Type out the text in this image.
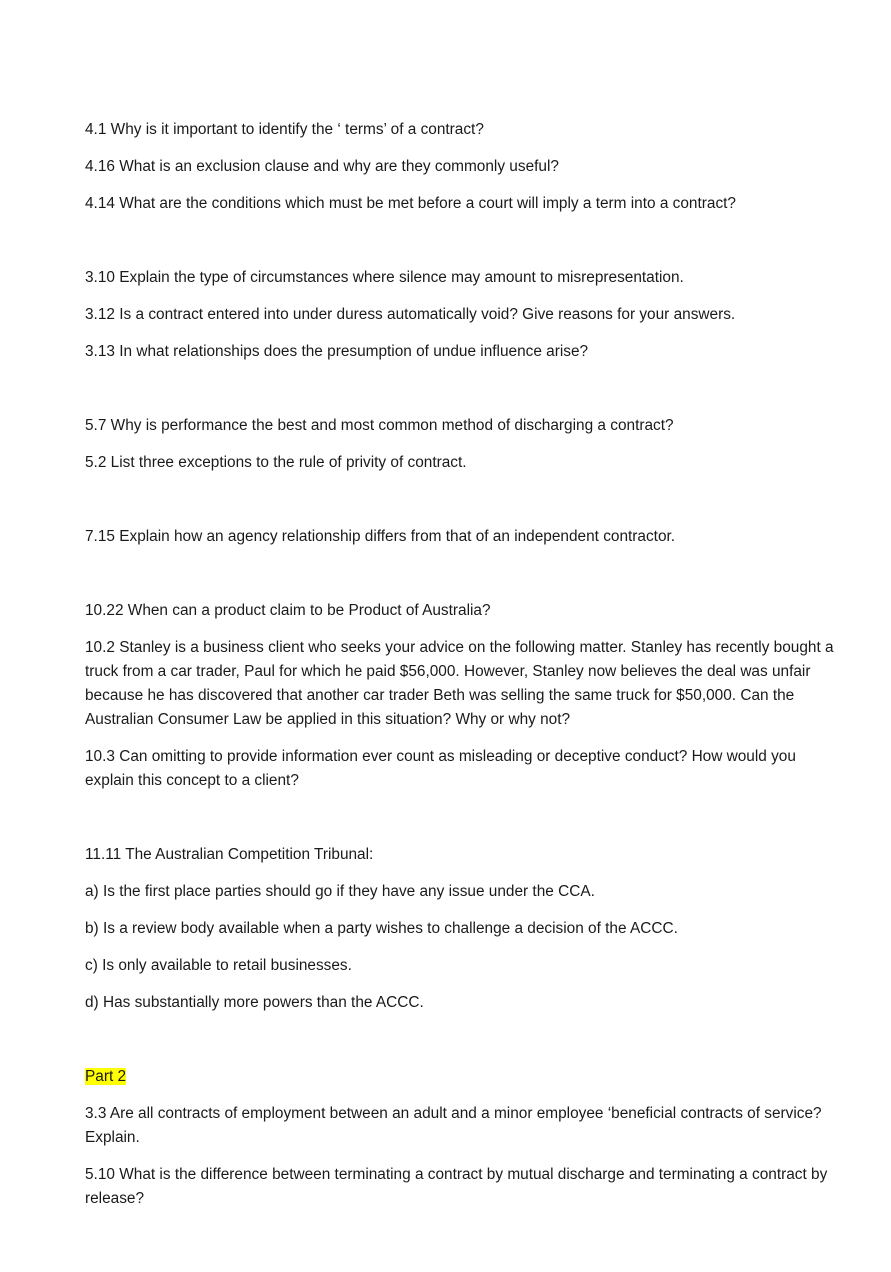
4.1 Why is it important to identify the ‘ terms’ of a contract?

4.16 What is an exclusion clause and why are they commonly useful?

4.14 What are the conditions which must be met before a court will imply a term into a contract?

3.10 Explain the type of circumstances where silence may amount to misrepresentation.

3.12 Is a contract entered into under duress automatically void? Give reasons for your answers.

3.13 In what relationships does the presumption of undue influence arise?

5.7 Why is performance the best and most common method of discharging a contract?

5.2 List three exceptions to the rule of privity of contract.

7.15 Explain how an agency relationship differs from that of an independent contractor.

10.22 When can a product claim to be Product of Australia?

10.2 Stanley is a business client who seeks your advice on the following matter. Stanley has recently bought a truck from a car trader, Paul for which he paid $56,000. However, Stanley now believes the deal was unfair because he has discovered that another car trader Beth was selling the same truck for $50,000. Can the Australian Consumer Law be applied in this situation? Why or why not?

10.3 Can omitting to provide information ever count as misleading or deceptive conduct? How would you explain this concept to a client?

11.11 The Australian Competition Tribunal:

a) Is the first place parties should go if they have any issue under the CCA.

b) Is a review body available when a party wishes to challenge a decision of the ACCC.

c) Is only available to retail businesses.

d) Has substantially more powers than the ACCC.

Part 2

3.3 Are all contracts of employment between an adult and a minor employee ‘beneficial contracts of service? Explain.

5.10 What is the difference between terminating a contract by mutual discharge and terminating a contract by release?
